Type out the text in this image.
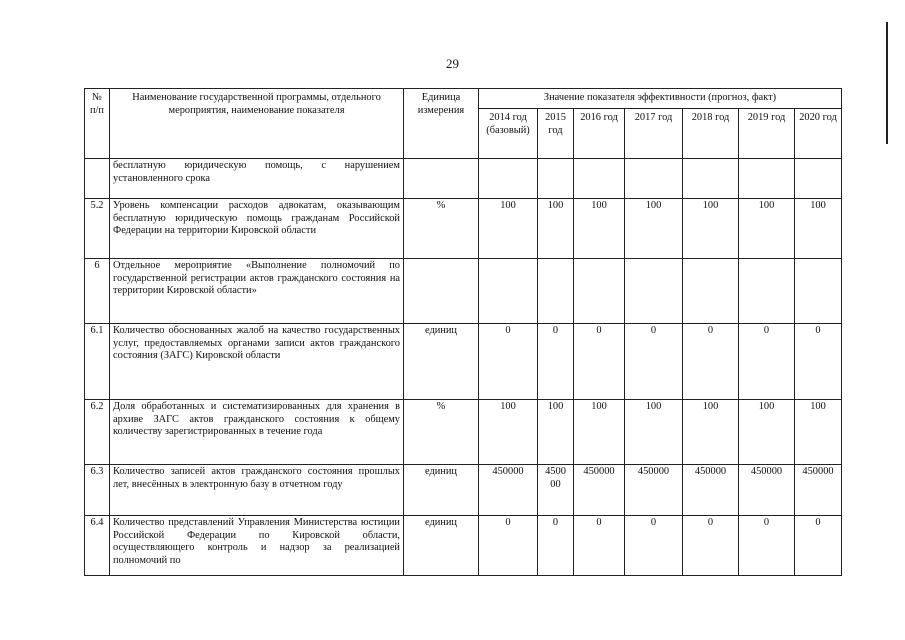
29
№ п/п	Наименование государственной программы, отдельного мероприятия, наименование показателя	Единица измерения	Значение показателя эффективности (прогноз, факт)						
			2014 год (базовый)	2015 год	2016 год	2017 год	2018 год	2019 год	2020 год
	бесплатную юридическую помощь, с нарушением установленного срока								
5.2	Уровень компенсации расходов адвокатам, оказывающим бесплатную юридическую помощь гражданам Российской Федерации на территории Кировской области	%	100	100	100	100	100	100	100
6	Отдельное мероприятие «Выполнение полномочий по государственной регистрации актов гражданского состояния на территории Кировской области»								
6.1	Количество обоснованных жалоб на качество государственных услуг, предоставляемых органами записи актов гражданского состояния (ЗАГС) Кировской области	единиц	0	0	0	0	0	0	0
6.2	Доля обработанных и систематизированных для хранения в архиве ЗАГС актов гражданского состояния к общему количеству зарегистрированных в течение года	%	100	100	100	100	100	100	100
6.3	Количество записей актов гражданского состояния прошлых лет, внесённых в электронную базу в отчетном году	единиц	450000	4500 00	450000	450000	450000	450000	450000
6.4	Количество представлений Управления Министерства юстиции Российской Федерации по Кировской области, осуществляющего контроль и надзор за реализацией полномочий по	единиц	0	0	0	0	0	0	0
